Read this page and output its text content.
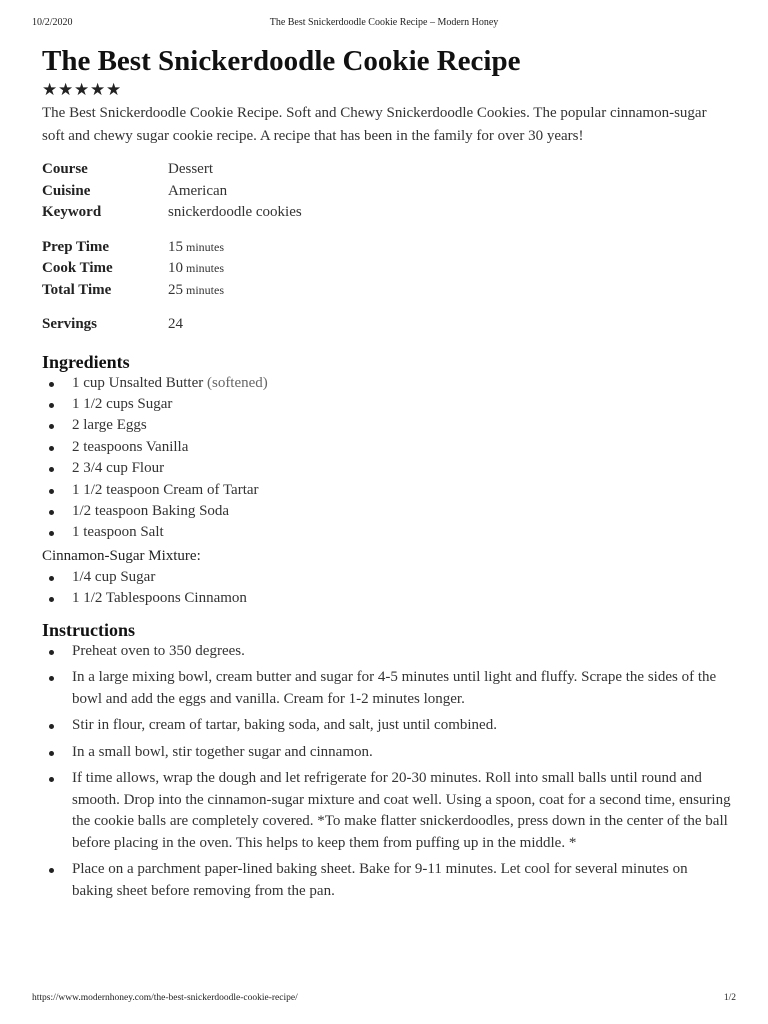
10/2/2020	The Best Snickerdoodle Cookie Recipe – Modern Honey
The Best Snickerdoodle Cookie Recipe
★ ★ ★ ★ ★
The Best Snickerdoodle Cookie Recipe. Soft and Chewy Snickerdoodle Cookies. The popular cinnamon-sugar soft and chewy sugar cookie recipe. A recipe that has been in the family for over 30 years!
Course	Dessert
Cuisine	American
Keyword	snickerdoodle cookies
Prep Time	15 minutes
Cook Time	10 minutes
Total Time	25 minutes
Servings	24
Ingredients
1 cup Unsalted Butter (softened)
1 1/2 cups Sugar
2 large Eggs
2 teaspoons Vanilla
2 3/4 cup Flour
1 1/2 teaspoon Cream of Tartar
1/2 teaspoon Baking Soda
1 teaspoon Salt
Cinnamon-Sugar Mixture:
1/4 cup Sugar
1 1/2 Tablespoons Cinnamon
Instructions
Preheat oven to 350 degrees.
In a large mixing bowl, cream butter and sugar for 4-5 minutes until light and fluffy. Scrape the sides of the bowl and add the eggs and vanilla. Cream for 1-2 minutes longer.
Stir in flour, cream of tartar, baking soda, and salt, just until combined.
In a small bowl, stir together sugar and cinnamon.
If time allows, wrap the dough and let refrigerate for 20-30 minutes. Roll into small balls until round and smooth. Drop into the cinnamon-sugar mixture and coat well. Using a spoon, coat for a second time, ensuring the cookie balls are completely covered. *To make flatter snickerdoodles, press down in the center of the ball before placing in the oven. This helps to keep them from puffing up in the middle. *
Place on a parchment paper-lined baking sheet. Bake for 9-11 minutes. Let cool for several minutes on baking sheet before removing from the pan.
https://www.modernhoney.com/the-best-snickerdoodle-cookie-recipe/	1/2
